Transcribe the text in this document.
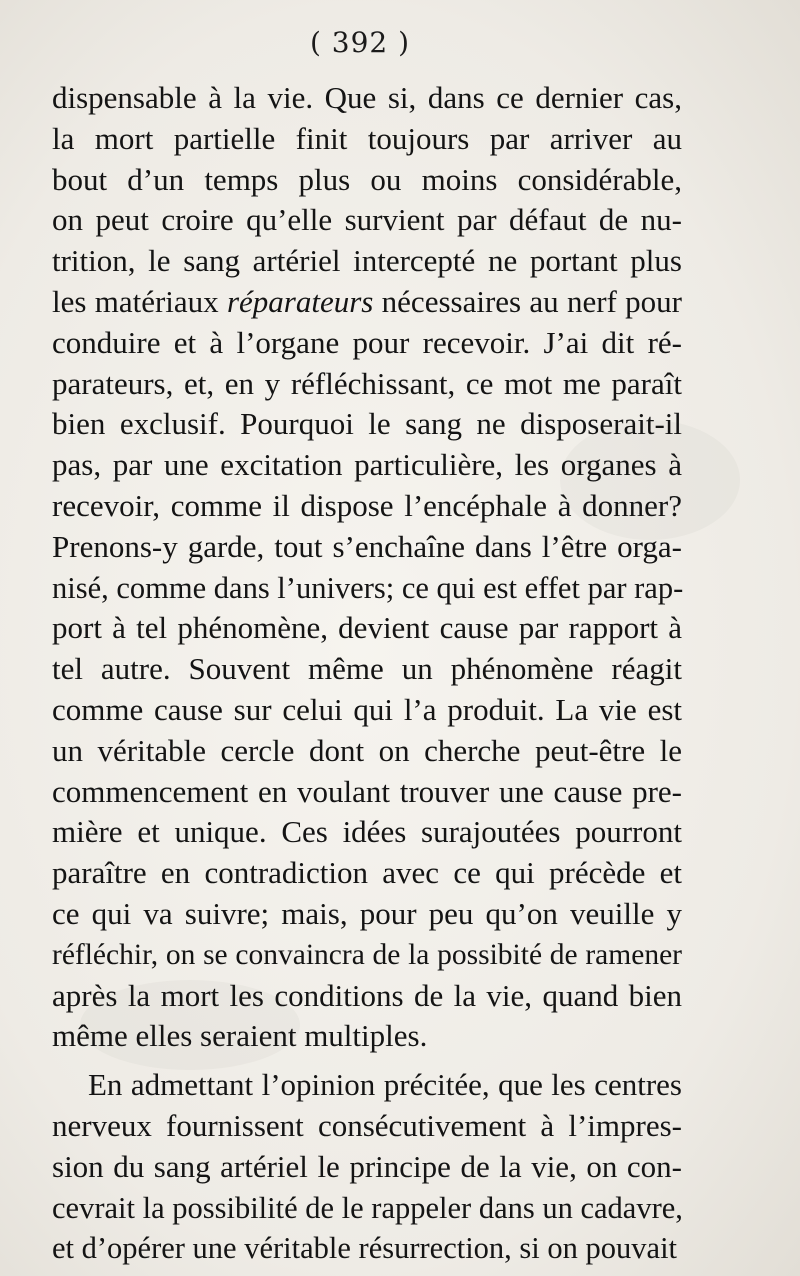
( 392 )
dispensable à la vie. Que si, dans ce dernier cas,
la mort partielle finit toujours par arriver au
bout d’un temps plus ou moins considérable,
on peut croire qu’elle survient par défaut de nu-
trition, le sang artériel intercepté ne portant plus
les matériaux réparateurs nécessaires au nerf pour
conduire et à l’organe pour recevoir. J’ai dit ré-
parateurs, et, en y réfléchissant, ce mot me paraît
bien exclusif. Pourquoi le sang ne disposerait-il
pas, par une excitation particulière, les organes à
recevoir, comme il dispose l’encéphale à donner?
Prenons-y garde, tout s’enchaîne dans l’être orga-
nisé, comme dans l’univers; ce qui est effet par rap-
port à tel phénomène, devient cause par rapport à
tel autre. Souvent même un phénomène réagit
comme cause sur celui qui l’a produit. La vie est
un véritable cercle dont on cherche peut-être le
commencement en voulant trouver une cause pre-
mière et unique. Ces idées surajoutées pourront
paraître en contradiction avec ce qui précède et
ce qui va suivre; mais, pour peu qu’on veuille y
réfléchir, on se convaincra de la possibité de ramener
après la mort les conditions de la vie, quand bien
même elles seraient multiples.
En admettant l’opinion précitée, que les centres
nerveux fournissent consécutivement à l’impres-
sion du sang artériel le principe de la vie, on con-
cevrait la possibilité de le rappeler dans un cadavre,
et d’opérer une véritable résurrection, si on pouvait
